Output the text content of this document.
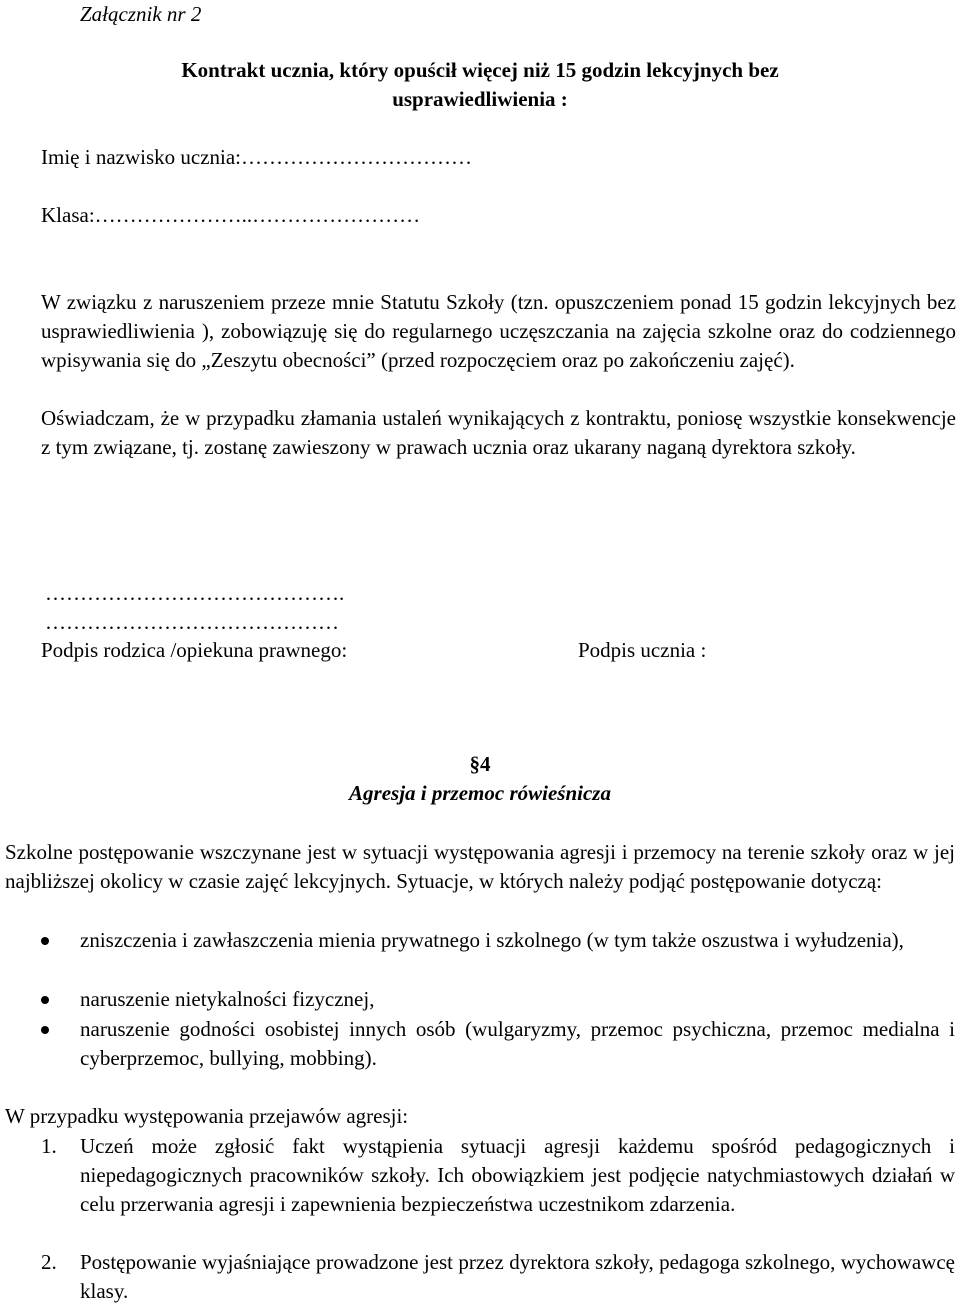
Załącznik nr 2
Kontrakt ucznia, który opuścił więcej niż 15 godzin lekcyjnych bez
usprawiedliwienia :
Imię i nazwisko ucznia:……………………………
Klasa:…………………..……………………
W związku z naruszeniem przeze mnie Statutu Szkoły (tzn. opuszczeniem ponad 15 godzin lekcyjnych bez usprawiedliwienia ), zobowiązuję się do regularnego uczęszczania na zajęcia szkolne oraz do codziennego wpisywania się do „Zeszytu obecności” (przed rozpoczęciem oraz po zakończeniu zajęć).
Oświadczam, że w przypadku złamania ustaleń wynikających z kontraktu, poniosę wszystkie konsekwencje z tym związane, tj. zostanę zawieszony w prawach ucznia oraz ukarany naganą dyrektora szkoły.
…………………………………….
……………………………………
Podpis rodzica /opiekuna prawnego:	Podpis ucznia :
§4
Agresja i przemoc rówieśnicza
Szkolne postępowanie wszczynane jest w sytuacji występowania agresji i przemocy na terenie szkoły oraz w jej najbliższej okolicy w czasie zajęć lekcyjnych. Sytuacje, w których należy podjąć postępowanie dotyczą:
zniszczenia i zawłaszczenia mienia prywatnego i szkolnego (w tym także oszustwa i wyłudzenia),
naruszenie nietykalności fizycznej,
naruszenie godności osobistej innych osób (wulgaryzmy, przemoc psychiczna, przemoc medialna i cyberprzemoc, bullying, mobbing).
W przypadku występowania przejawów agresji:
1. Uczeń może zgłosić fakt wystąpienia sytuacji agresji każdemu spośród pedagogicznych i niepedagogicznych pracowników szkoły. Ich obowiązkiem jest podjęcie natychmiastowych działań w celu przerwania agresji i zapewnienia bezpieczeństwa uczestnikom zdarzenia.
2. Postępowanie wyjaśniające prowadzone jest przez dyrektora szkoły, pedagoga szkolnego, wychowawcę klasy.
